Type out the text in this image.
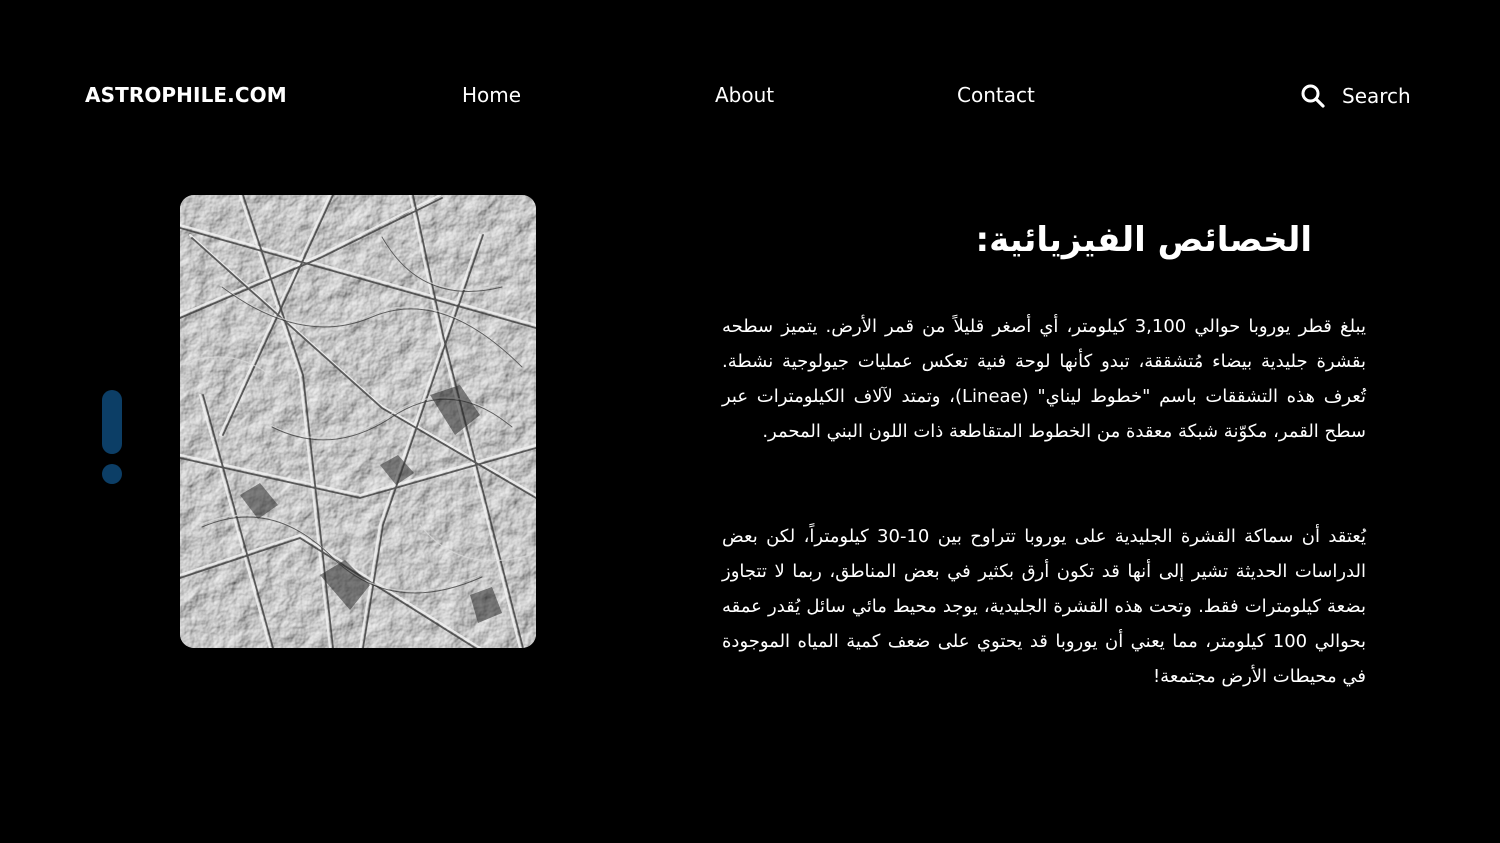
ASTROPHILE.COM	Home	About	Contact	Search
الخصائص الفيزيائية:

يبلغ قطر يوروبا حوالي 3,100 كيلومتر، أي أصغر قليلاً من قمر الأرض. يتميز سطحه بقشرة جليدية بيضاء مُتشققة، تبدو كأنها لوحة فنية تعكس عمليات جيولوجية نشطة. تُعرف هذه التشققات باسم "خطوط ليناي" (Lineae)، وتمتد لآلاف الكيلومترات عبر سطح القمر، مكوّنة شبكة معقدة من الخطوط المتقاطعة ذات اللون البني المحمر.

يُعتقد أن سماكة القشرة الجليدية على يوروبا تتراوح بين 10-30 كيلومتراً، لكن بعض الدراسات الحديثة تشير إلى أنها قد تكون أرق بكثير في بعض المناطق، ربما لا تتجاوز بضعة كيلومترات فقط. وتحت هذه القشرة الجليدية، يوجد محيط مائي سائل يُقدر عمقه بحوالي 100 كيلومتر، مما يعني أن يوروبا قد يحتوي على ضعف كمية المياه الموجودة في محيطات الأرض مجتمعة!
